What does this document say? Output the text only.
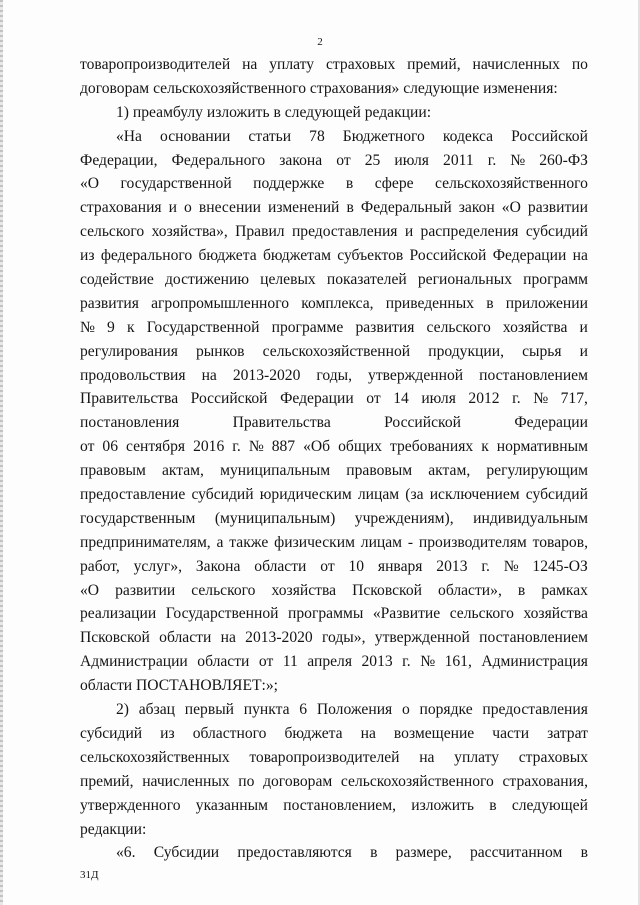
2
товаропроизводителей на уплату страховых премий, начисленных по
договорам сельскохозяйственного страхования» следующие изменения:
1) преамбулу изложить в следующей редакции:
«На основании статьи 78 Бюджетного кодекса Российской
Федерации, Федерального закона от 25 июля 2011 г. № 260-ФЗ
«О государственной поддержке в сфере сельскохозяйственного
страхования и о внесении изменений в Федеральный закон «О развитии
сельского хозяйства», Правил предоставления и распределения субсидий
из федерального бюджета бюджетам субъектов Российской Федерации на
содействие достижению целевых показателей региональных программ
развития агропромышленного комплекса, приведенных в приложении
№ 9 к Государственной программе развития сельского хозяйства и
регулирования рынков сельскохозяйственной продукции, сырья и
продовольствия на 2013-2020 годы, утвержденной постановлением
Правительства Российской Федерации от 14 июля 2012 г. № 717,
постановления	Правительства	Российской	Федерации
от 06 сентября 2016 г. № 887 «Об общих требованиях к нормативным
правовым актам, муниципальным правовым актам, регулирующим
предоставление субсидий юридическим лицам (за исключением субсидий
государственным (муниципальным) учреждениям), индивидуальным
предпринимателям, а также физическим лицам - производителям товаров,
работ, услуг», Закона области от 10 января 2013 г. № 1245-ОЗ
«О развитии сельского хозяйства Псковской области», в рамках
реализации Государственной программы «Развитие сельского хозяйства
Псковской области на 2013-2020 годы», утвержденной постановлением
Администрации области от 11 апреля 2013 г. № 161, Администрация
области ПОСТАНОВЛЯЕТ:»;
2) абзац первый пункта 6 Положения о порядке предоставления
субсидий из областного бюджета на возмещение части затрат
сельскохозяйственных товаропроизводителей на уплату страховых
премий, начисленных по договорам сельскохозяйственного страхования,
утвержденного указанным постановлением, изложить в следующей
редакции:
«6. Субсидии предоставляются в размере, рассчитанном в
31Д
